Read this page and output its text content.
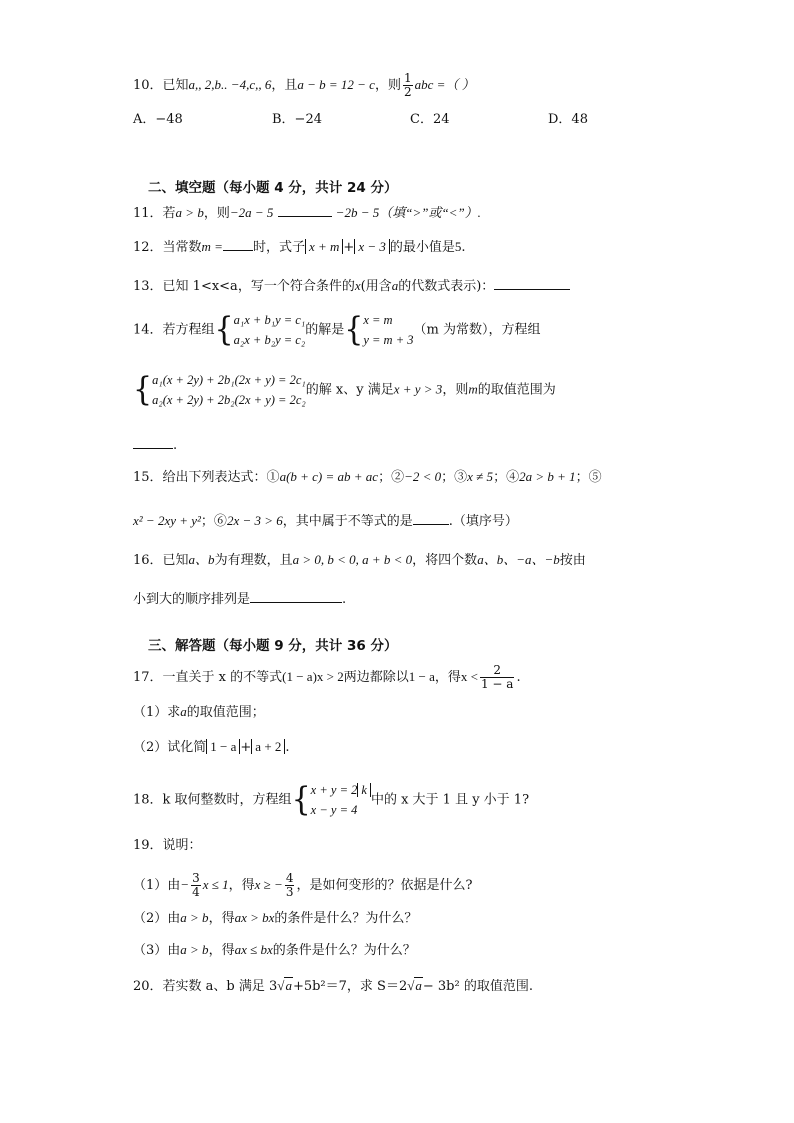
10．已知a,, 2,b.. −4,c,, 6，且a − b = 12 − c，则 $\frac{1}{2}$ abc =（ ）
A．−48	B．−24	C．24	D．48
二、填空题（每小题 4 分，共计 24 分）
11．若a > b，则−2a − 5	−2b − 5（填“>”或“<”）.
12．当常数m = 时，式子 x + m + x − 3 的最小值是5.
13．已知 1<x<a，写一个符合条件的x(用含a的代数式表示)：
14．若方程组{ a₁x + b₁y = c₁
a₂x + b₂y = c₂
的解是{ x = m
y = m + 3
（m 为常数），方程组
{ a₁(x + 2y) + 2b₁(2x + y) = 2c₁
a₂(x + 2y) + 2b₂(2x + y) = 2c₂
的解 x、y 满足x + y > 3，则m的取值范围为
.
15．给出下列表达式：①a(b + c) = ab + ac；②−2 < 0；③x ≠ 5；④2a > b + 1；⑤
x² − 2xy + y²；⑥2x − 3 > 6，其中属于不等式的是	.（填序号）
16．已知a、b为有理数，且a > 0, b < 0, a + b < 0，将四个数a、b、−a、−b按由
小到大的顺序排列是	.
三、解答题（每小题 9 分，共计 36 分）
17．一直关于 x 的不等式(1 − a)x > 2两边都除以1 − a，得$x < \frac{2}{1 - a}$ .
（1）求a的取值范围；
（2）试化简 1 − a + a + 2 .
18．k 取何整数时，方程组{ x + y = 2 k
x − y = 4
中的 x 大于 1 且 y 小于 1?
19．说明：
（1）由− $\frac{3}{4}$ x ≤ 1，得x ≥ − $\frac{4}{3}$ ，是如何变形的？依据是什么?
（2）由a > b，得ax > bx的条件是什么？为什么？
（3）由a > b，得ax ≤ bx的条件是什么？为什么？
20．若实数 a、b 满足 3√a+5b²＝7，求 S＝2√a− 3b² 的取值范围.
